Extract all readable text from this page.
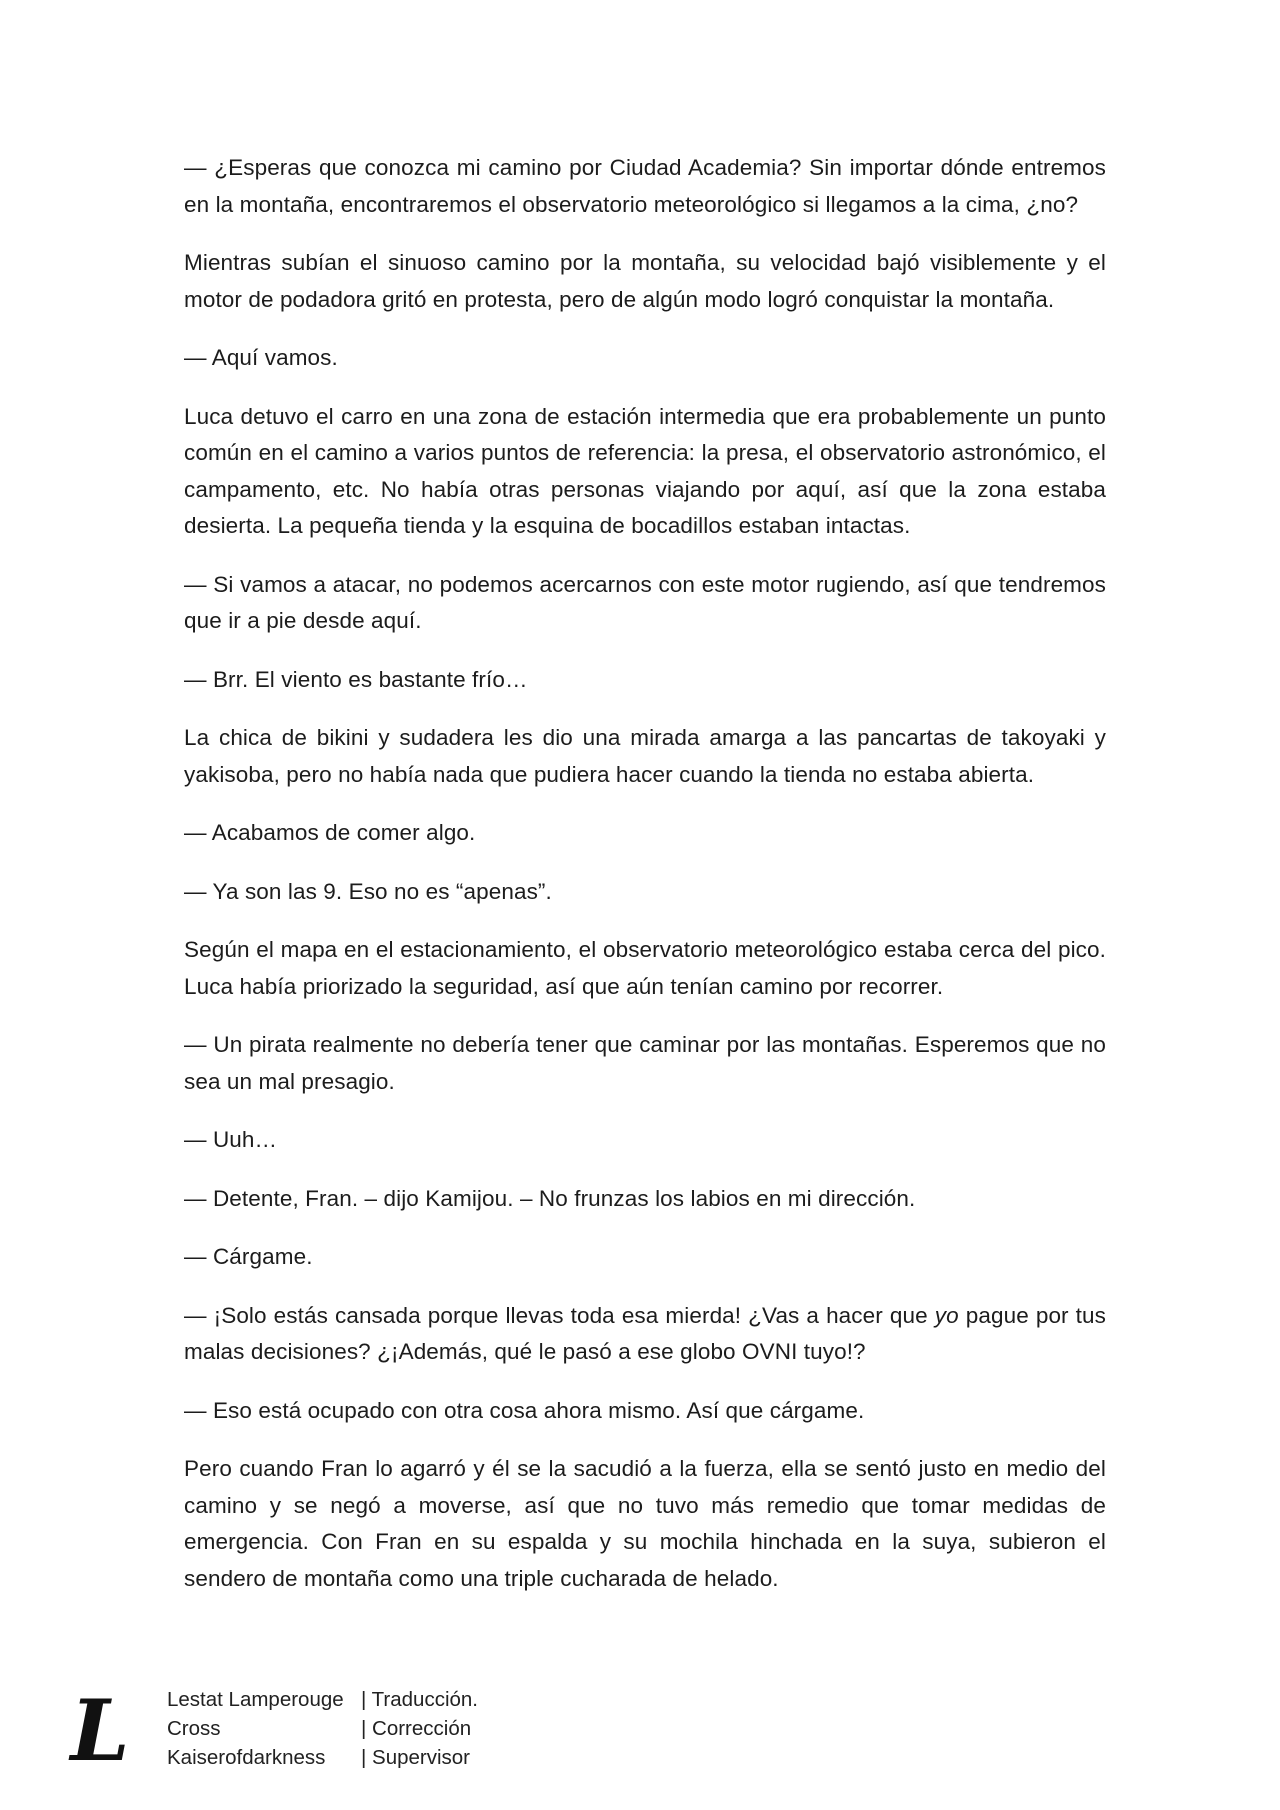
— ¿Esperas que conozca mi camino por Ciudad Academia? Sin importar dónde entremos en la montaña, encontraremos el observatorio meteorológico si llegamos a la cima, ¿no?

Mientras subían el sinuoso camino por la montaña, su velocidad bajó visiblemente y el motor de podadora gritó en protesta, pero de algún modo logró conquistar la montaña.

— Aquí vamos.

Luca detuvo el carro en una zona de estación intermedia que era probablemente un punto común en el camino a varios puntos de referencia: la presa, el observatorio astronómico, el campamento, etc. No había otras personas viajando por aquí, así que la zona estaba desierta. La pequeña tienda y la esquina de bocadillos estaban intactas.

— Si vamos a atacar, no podemos acercarnos con este motor rugiendo, así que tendremos que ir a pie desde aquí.

— Brr. El viento es bastante frío…

La chica de bikini y sudadera les dio una mirada amarga a las pancartas de takoyaki y yakisoba, pero no había nada que pudiera hacer cuando la tienda no estaba abierta.

— Acabamos de comer algo.

— Ya son las 9. Eso no es “apenas”.

Según el mapa en el estacionamiento, el observatorio meteorológico estaba cerca del pico. Luca había priorizado la seguridad, así que aún tenían camino por recorrer.

— Un pirata realmente no debería tener que caminar por las montañas. Esperemos que no sea un mal presagio.

— Uuh…

— Detente, Fran. – dijo Kamijou. – No frunzas los labios en mi dirección.

— Cárgame.

— ¡Solo estás cansada porque llevas toda esa mierda! ¿Vas a hacer que yo pague por tus malas decisiones? ¿¡Además, qué le pasó a ese globo OVNI tuyo!?

— Eso está ocupado con otra cosa ahora mismo. Así que cárgame.

Pero cuando Fran lo agarró y él se la sacudió a la fuerza, ella se sentó justo en medio del camino y se negó a moverse, así que no tuvo más remedio que tomar medidas de emergencia. Con Fran en su espalda y su mochila hinchada en la suya, subieron el sendero de montaña como una triple cucharada de helado.

L	Lestat Lamperouge | Traducción.
Cross	| Corrección
Kaiserofdarkness	| Supervisor
